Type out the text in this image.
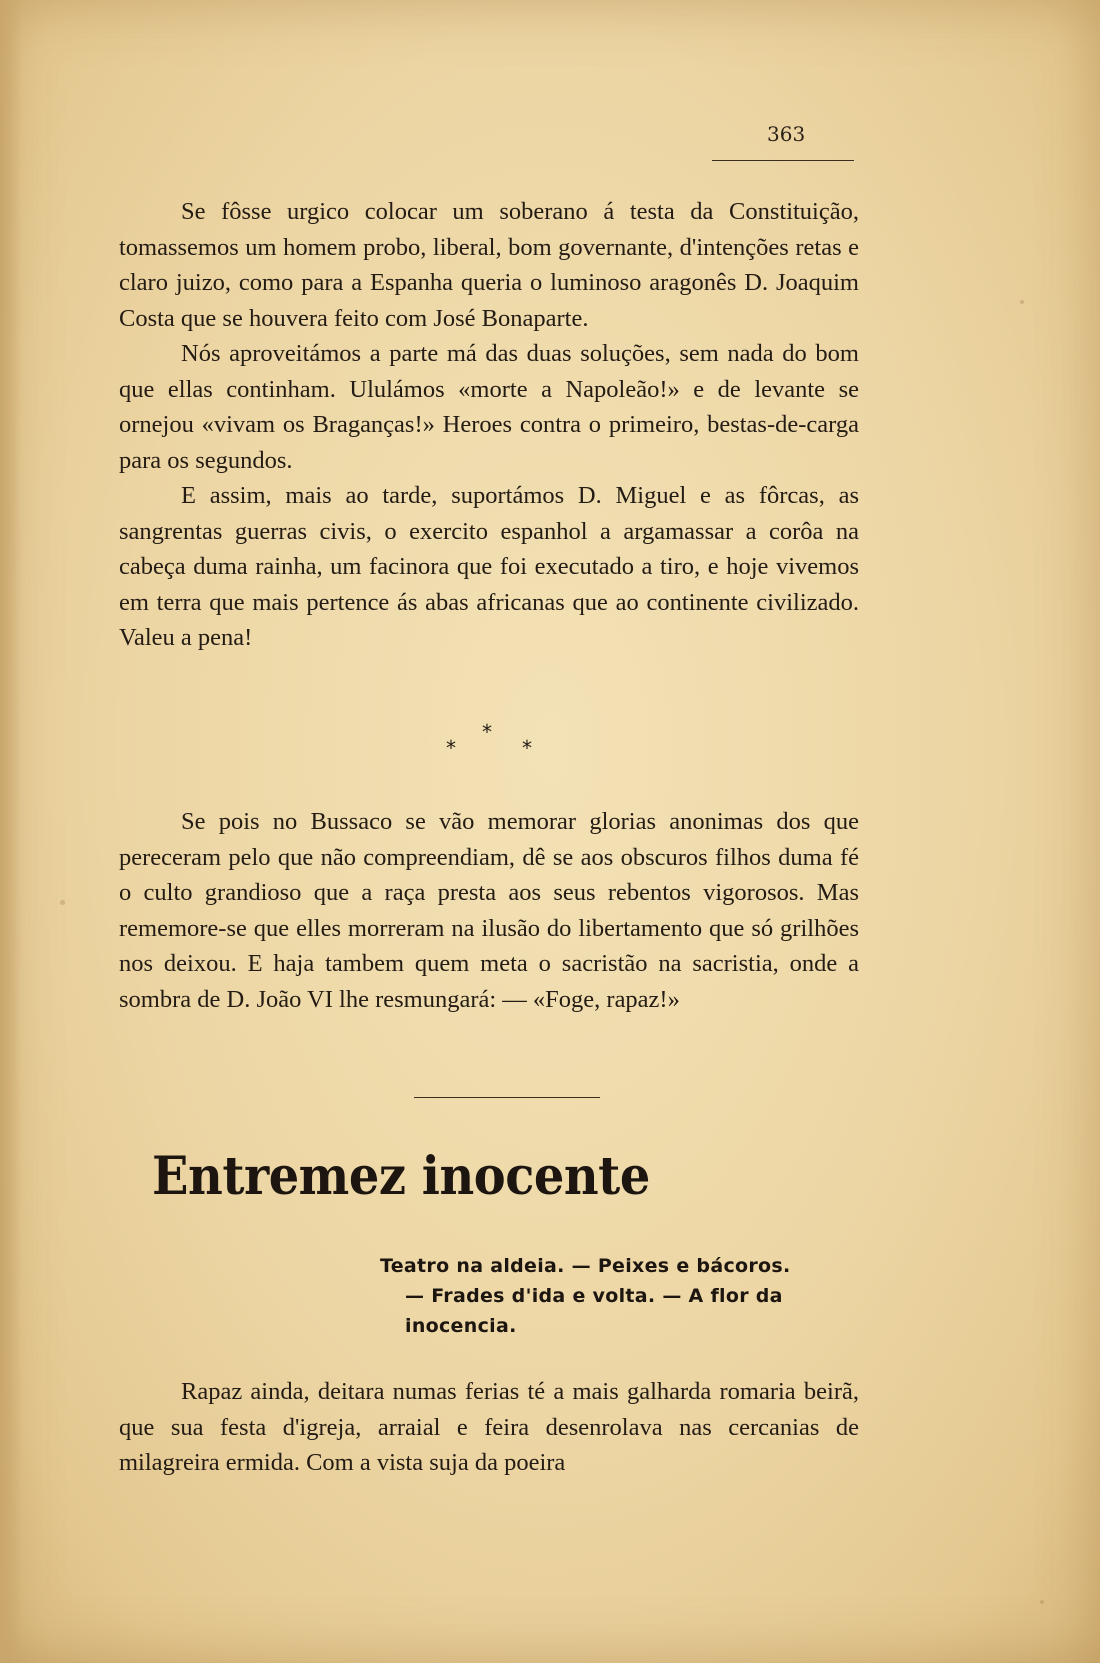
363

Se fôsse urgico colocar um soberano á testa da Constituição, tomassemos um homem probo, liberal, bom governante, d'intenções retas e claro juizo, como para a Espanha queria o luminoso aragonês D. Joaquim Costa que se houvera feito com José Bonaparte.

Nós aproveitámos a parte má das duas soluções, sem nada do bom que ellas continham. Ululámos «morte a Napoleão!» e de levante se ornejou «vivam os Braganças!» Heroes contra o primeiro, bestas-de-carga para os segundos.

E assim, mais ao tarde, suportámos D. Miguel e as fôrcas, as sangrentas guerras civis, o exercito espanhol a argamassar a corôa na cabeça duma rainha, um facinora que foi executado a tiro, e hoje vivemos em terra que mais pertence ás abas africanas que ao continente civilizado. Valeu a pena!

*
*	*

Se pois no Bussaco se vão memorar glorias anonimas dos que pereceram pelo que não compreendiam, dê se aos obscuros filhos duma fé o culto grandioso que a raça presta aos seus rebentos vigorosos. Mas rememore-se que elles morreram na ilusão do libertamento que só grilhões nos deixou. E haja tambem quem meta o sacristão na sacristia, onde a sombra de D. João VI lhe resmungará: — «Foge, rapaz!»

Entremez inocente
Teatro na aldeia. — Peixes e bácoros.
— Frades d'ida e volta. — A flor da
inocencia.

Rapaz ainda, deitara numas ferias té a mais galharda romaria beirã, que sua festa d'igreja, arraial e feira desenrolava nas cercanias de milagreira ermida. Com a vista suja da poeira
